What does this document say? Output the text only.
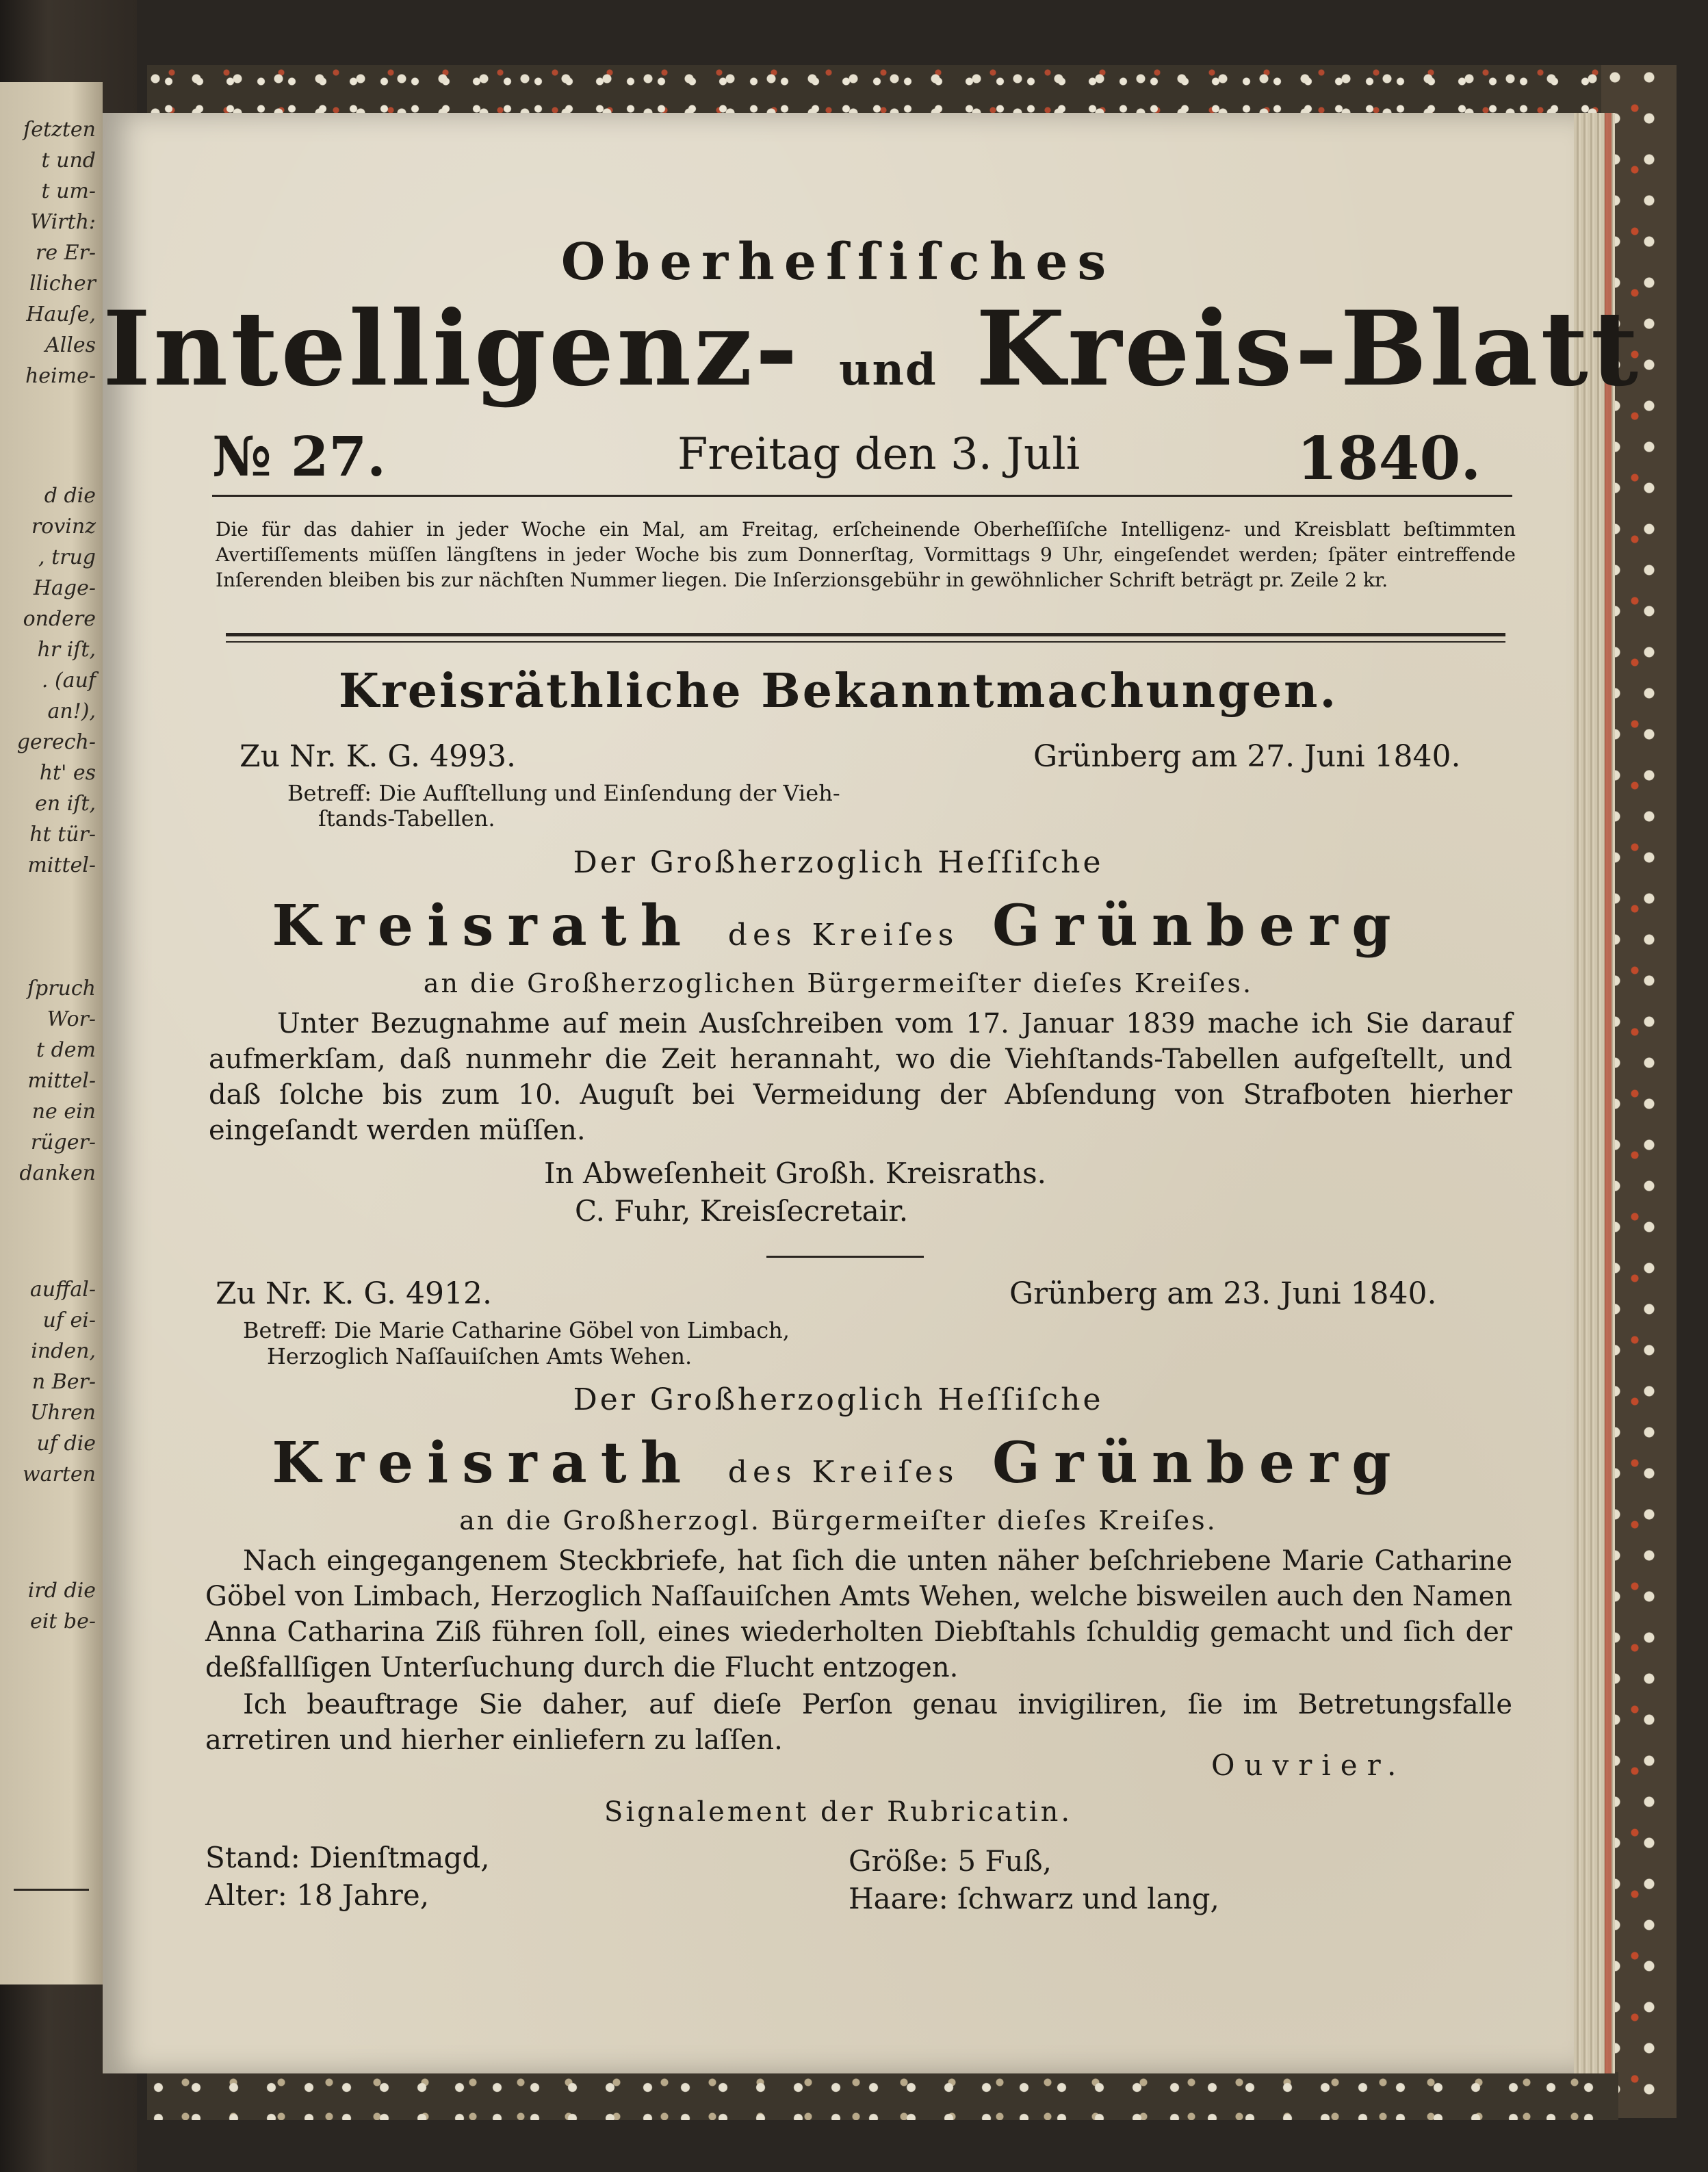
ſetzten
t und
t um-
Wirth:
re Er-
llicher
Hauſe,
Alles
heime-
d die
rovinz
, trug
Hage-
ondere
hr iſt,
. (auf
an!),
gerech-
ht' es
en iſt,
ht tür-
mittel-
ſpruch
Wor-
t dem
mittel-
ne ein
rüger-
danken
auffal-
uf ei-
inden,
n Ber-
Uhren
uf die
warten
ird die
eit be-
Oberheſſiſches
Intelligenz- und Kreis-Blatt
№ 27.	Freitag den 3. Juli	1840.
Die für das dahier in jeder Woche ein Mal, am Freitag, erſcheinende Oberheſſiſche Intelligenz- und Kreisblatt beſtimmten Avertiſſements müſſen längſtens in jeder Woche bis zum Donnerſtag, Vormittags 9 Uhr, eingeſendet werden; ſpäter eintreffende Inſerenden bleiben bis zur nächſten Nummer liegen. Die Inſerzionsgebühr in gewöhnlicher Schrift beträgt pr. Zeile 2 kr.
Kreisräthliche Bekanntmachungen.
Zu Nr. K. G. 4993.	Grünberg am 27. Juni 1840.
Betreff: Die Aufſtellung und Einſendung der Vieh-
ſtands-Tabellen.
Der Großherzoglich Heſſiſche
Kreisrath des Kreiſes Grünberg
an die Großherzoglichen Bürgermeiſter dieſes Kreiſes.
Unter Bezugnahme auf mein Ausſchreiben vom 17. Januar 1839 mache ich Sie darauf aufmerkſam, daß nunmehr die Zeit herannaht, wo die Viehſtands-Tabellen aufgeſtellt, und daß ſolche bis zum 10. Auguſt bei Vermeidung der Abſendung von Strafboten hierher eingeſandt werden müſſen.
In Abweſenheit Großh. Kreisraths.
C. Fuhr, Kreisſecretair.
Zu Nr. K. G. 4912.	Grünberg am 23. Juni 1840.
Betreff: Die Marie Catharine Göbel von Limbach,
Herzoglich Naſſauiſchen Amts Wehen.
Der Großherzoglich Heſſiſche
Kreisrath des Kreiſes Grünberg
an die Großherzogl. Bürgermeiſter dieſes Kreiſes.
Nach eingegangenem Steckbriefe, hat ſich die unten näher beſchriebene Marie Catharine Göbel von Limbach, Herzoglich Naſſauiſchen Amts Wehen, welche bisweilen auch den Namen Anna Catharina Ziß führen ſoll, eines wiederholten Diebſtahls ſchuldig gemacht und ſich der deßfallſigen Unterſuchung durch die Flucht entzogen.
Ich beauftrage Sie daher, auf dieſe Perſon genau invigiliren, ſie im Betretungsfalle arretiren und hierher einliefern zu laſſen.
Ouvrier.
Signalement der Rubricatin.
Stand: Dienſtmagd,
Alter: 18 Jahre,
Größe: 5 Fuß,
Haare: ſchwarz und lang,
